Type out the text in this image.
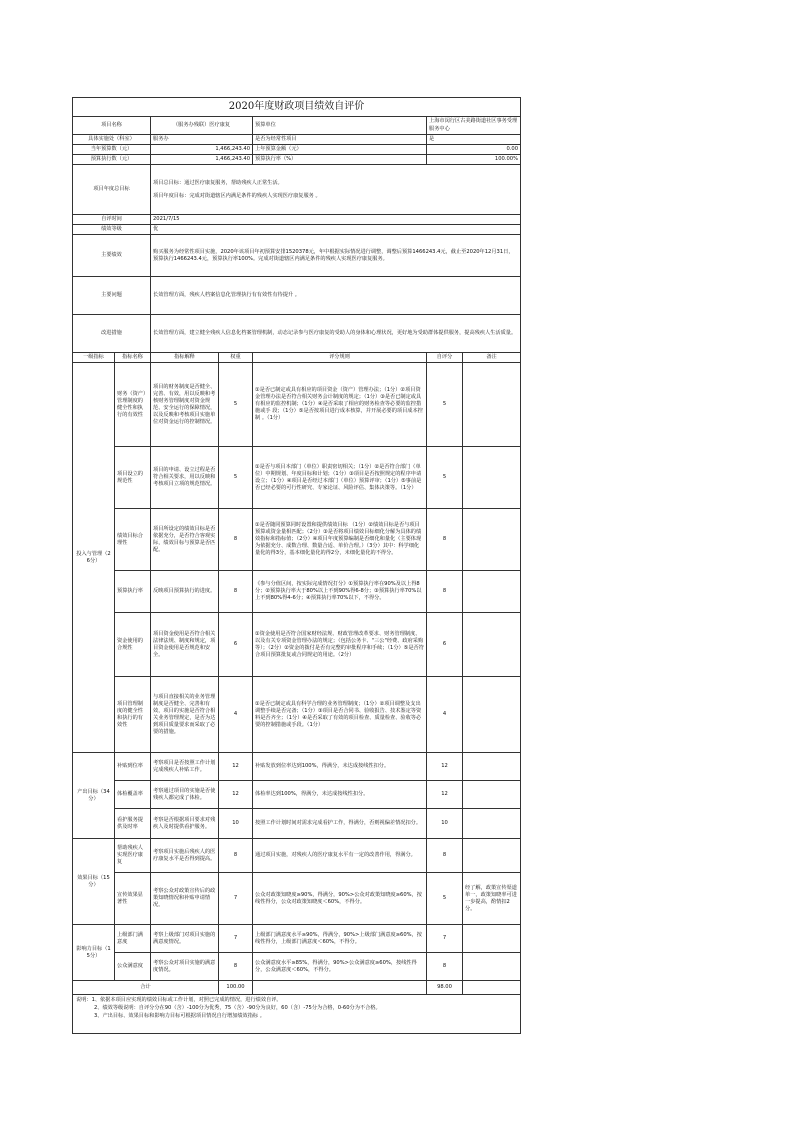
2020年度财政项目绩效自评价						
项目名称		（服务办残联）医疗康复		预算单位	上海市闵行区古美路街道社区事务受理服务中心	
具体实施处（科室）		服务办		是否为经常性项目	是	
当年预算数（元）		1,466,243.40		上年预算金额（元）	0.00	
预算执行数（元）		1,466,243.40		预算执行率（%）	100.00%	
项目年度总目标		项目总目标：通过医疗康复服务，帮助残疾人正常生活。
项目年度目标：完成对街道辖区内满足条件的残疾人实现医疗康复服务 。				

自评时间		2021/7/15				
绩效等级		优				
主要绩效		购买服务为经常性项目实施，2020年该项目年初预算安排1520378元，年中根据实际情况进行调整，调整后预算1466243.4元，截止至2020年12月31日，预算执行1466243.4元，预算执行率100%。完成对街道辖区内满足条件的残疾人实现医疗康复服务。				
主要问题		长效管理方面，残疾人档案信息化管理执行有有效性有待提升 。				
改进措施		长效管理方面，建立健全残疾人信息化档案管理机制，动态记录参与医疗康复的受助人的身体和心理状况，更好地为受助群体提供服务，提高残疾人生活质量。				
一级指标	指标名称	指标解释	权重	评分规则	自评分	备注
投入与管理（26分）	财务（资产）管理制度的健全性和执行的有效性	项目的财务制度是否健全、完善、有效，用以反映和考核财务管理制度对资金规范、安全运行的保障情况，以及反映和考核项目实施单位对资金运行的控制情况。	5	①是否已制定或具有相应的项目资金（资产）管理办法；（1分）②项目资金管理办法是否符合相关财务会计制度的规定；（1分）③是否已制定或具有相应的监控机制；（1分）④是否采取了相应的财务检查等必要的监控措施或手 段；（1分）⑤是否按项目进行成本核算，并开展必要的项目成本控制 。（1分）	5	
	项目设立的规范性	项目的申请、设立过程是否符合相关要求，用以反映和考核项目立项的规范情况。	5	①是否与项目本部门（单位）职责密切相关；（1分）②是否符合部门（单位）中期规划、年度目标和计划；（1分）③项目是否按照规定的程序申请设立；（1分）④项目是否经过本部门（单位）预算评审；（1分）⑤事前是否已经必要的可行性研究、专家论证、风险评估、集体决策等。（1分）	5	
	绩效目标合理性	项目所设定的绩效目标是否依据充分，是否符合客观实际，绩效目标与预算是否匹配。	8	①是否随同预算同时设置和提供绩效目标 （1分）②绩效目标是否与项目预算或资金量相匹配；（2分）③是否将项目绩效目标细化分解为具体的绩效指标和指标值；（2分）④项目年度预算编制是否细化和量化（主要体现为依据充分、成数合理、数量合适、单价合理。）（3分）其中：科学细化量化的得3分，基本细化量化的得2分，未细化量化的不得分。	8	
	预算执行率	反映项目预算执行的进度。	8	《参与分值区间，按实际完成情况打分》①预算执行率在90%及以上得8分；②预算执行率大于80%以上不到90%得6-8分；③预算执行率70%以上不到80%得4-6分；④预算执行率70%以下，不得分。	8	
	资金使用的合规性	项目资金使用是否符合相关法律法规、制度和规定，项目资金使用是否规范和安全。	6	①资金使用是否符合国家财经法规、财政管理改革要求、财务管理制度、以及有关专项资金管理办法的规定；（包括公务卡、"三公"经费、政府采购等）；（2分）②资金的拨付是否有完整的审批程序和手续；（1分）⑤是否符合项目预算批复或合同规定的用途。（2分）	6	
	项目管理制度的健全性和执行的有效性	与项目直接相关的业务管理制度是否健全、完善和有效，项目的实施是否符合相关业务管理规定，是否为达到项目质量要求而采取了必要的措施。	4	①是否已制定或具有科学合理的业务管理制度；（1分）②项目调整及支出调整手续是否完备；（1分）③项目是否合同书、验收报告、技术鉴定等资料是否齐全；（1分）④是否采取了有效的项目检查、质量检查、验收等必要的控制措施或手段。（1分）	4	
产出目标（34分）	补贴到位率	考察项目是否按照工作计划完成残疾人补贴工作。	12	补贴发放到位率达到100%，得满分，未达成按线性扣分。	12	
	体检覆盖率	考察通过项目的实施是否使残疾人都完成了体检。	12	体检率达到100%，得满分，未达成按线性扣分。	12	
	看护服务提供及时率	考察是否根据项目要求对残疾人及时提供看护服务。	10	按照工作计划时间对需求完成看护工作，得满分，否则视偏差情况扣分。	10	
效果目标（15分）	帮助残疾人实现医疗康复	考察项目实施后残疾人的医疗康复水平是否得到提高。	8	通过项目实施，对残疾人的医疗康复水平有一定的改善作用，得满分。	8	
	宣传效果显著性	考察公众对政策宣传后的政策知晓情况和补贴申请情况。	7	公众对政策知晓度≥90%，得满分，90%>公众对政策知晓度≥60%，按线性得分，公众对政策知晓度＜60%，不得分。	5	经了解，政策宣传渠道单一，政策知晓率可进一步提高，酌情扣2分。
影响力目标（15分）	上级部门满意度	考察上级部门对项目实施的满意度情况。	7	上级部门满意度水平≥90%，得满分，90%>上级部门满意度≥60%，按线性得分，上级部门满意度＜60%，不得分。	7	
	公众满意度	考察公众对项目实施的满意度情况。	8	公众满意度水平≥85%，得满分，90%>公众满意度≥60%，按线性得分，公众满意度＜60%，不得分。	8	
合计			100.00		98.00	

说明：1、依据本项目应实现的绩效目标或工作计划，对照已完成的情况，进行绩效自评。
2、绩效等级说明：自评分分在90（含）-100分为优秀，75（含）-90分为良好，60（含）-75分为合格，0-60分为不合格。
3、产出目标、效果目标和影响力目标可根据项目情况自行增加绩效指标 。						
